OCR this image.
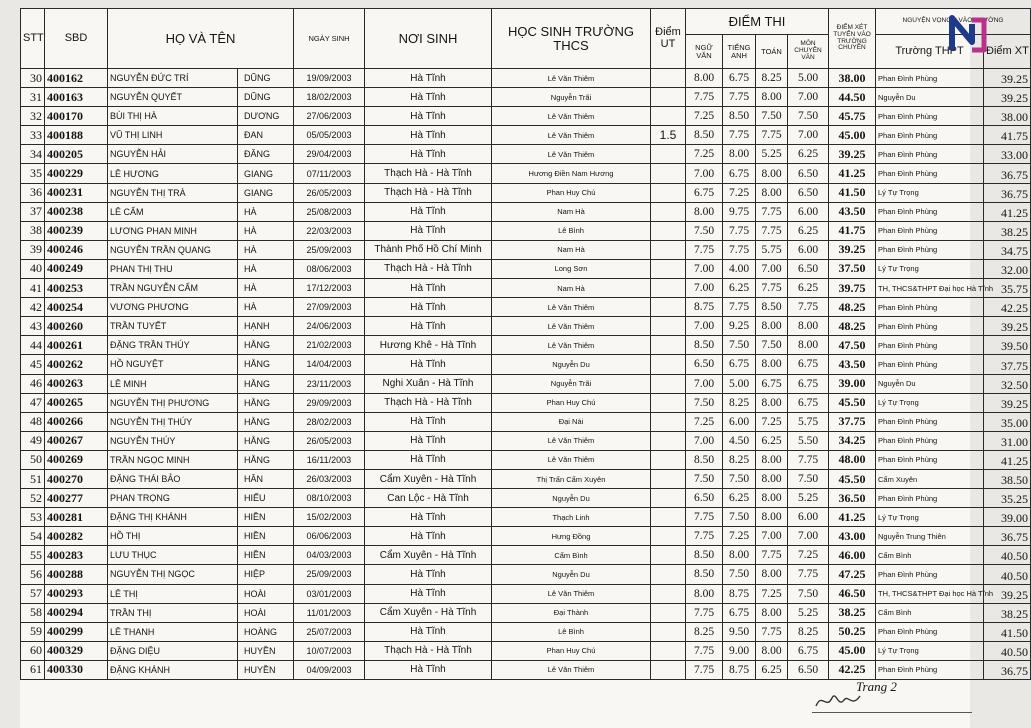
STT	SBD	HỌ VÀ TÊN		NGÀY SINH	NƠI SINH	HỌC SINH TRƯỜNG THCS	Điểm UT	ĐIỂM THI				ĐIỂM XÉT TUYỂN VÀO TRƯỜNG CHUYÊN	NGUYỆN VỌNG 2 VÀO TRƯỜNG	
								NGỮ VĂN	TIẾNG ANH	TOÁN	MÔN CHUYÊN VĂN		Trường THPT	Điểm XT
30	400162	NGUYỄN ĐỨC TRÍ	DŨNG	19/09/2003	Hà Tĩnh	Lê Văn Thiêm		8.00	6.75	8.25	5.00	38.00	Phan Đình Phùng	39.25
31	400163	NGUYỄN QUYẾT	DŨNG	18/02/2003	Hà Tĩnh	Nguyễn Trãi		7.75	7.75	8.00	7.00	44.50	Nguyễn Du	39.25
32	400170	BÙI THỊ HÀ	DƯƠNG	27/06/2003	Hà Tĩnh	Lê Văn Thiêm		7.25	8.50	7.50	7.50	45.75	Phan Đình Phùng	38.00
33	400188	VŨ THỊ LINH	ĐAN	05/05/2003	Hà Tĩnh	Lê Văn Thiêm	1.5	8.50	7.75	7.75	7.00	45.00	Phan Đình Phùng	41.75
34	400205	NGUYỄN HẢI	ĐĂNG	29/04/2003	Hà Tĩnh	Lê Văn Thiêm		7.25	8.00	5.25	6.25	39.25	Phan Đình Phùng	33.00
35	400229	LÊ HƯƠNG	GIANG	07/11/2003	Thạch Hà - Hà Tĩnh	Hương Điền Nam Hương		7.00	6.75	8.00	6.50	41.25	Phan Đình Phùng	36.75
36	400231	NGUYỄN THỊ TRÀ	GIANG	26/05/2003	Thạch Hà - Hà Tĩnh	Phan Huy Chú		6.75	7.25	8.00	6.50	41.50	Lý Tự Trọng	36.75
37	400238	LÊ CẨM	HÀ	25/08/2003	Hà Tĩnh	Nam Hà		8.00	9.75	7.75	6.00	43.50	Phan Đình Phùng	41.25
38	400239	LƯƠNG PHAN MINH	HÀ	22/03/2003	Hà Tĩnh	Lê Bình		7.50	7.75	7.75	6.25	41.75	Phan Đình Phùng	38.25
39	400246	NGUYỄN TRẦN QUANG	HÀ	25/09/2003	Thành Phố Hồ Chí Minh	Nam Hà		7.75	7.75	5.75	6.00	39.25	Phan Đình Phùng	34.75
40	400249	PHAN THỊ THU	HÀ	08/06/2003	Thạch Hà - Hà Tĩnh	Long Sơn		7.00	4.00	7.00	6.50	37.50	Lý Tự Trọng	32.00
41	400253	TRẦN NGUYỄN CẨM	HÀ	17/12/2003	Hà Tĩnh	Nam Hà		7.00	6.25	7.75	6.25	39.75	TH, THCS&THPT Đại học Hà Tĩnh	35.75
42	400254	VƯƠNG PHƯƠNG	HÀ	27/09/2003	Hà Tĩnh	Lê Văn Thiêm		8.75	7.75	8.50	7.75	48.25	Phan Đình Phùng	42.25
43	400260	TRẦN TUYẾT	HẠNH	24/06/2003	Hà Tĩnh	Lê Văn Thiêm		7.00	9.25	8.00	8.00	48.25	Phan Đình Phùng	39.25
44	400261	ĐẶNG TRẦN THÚY	HẰNG	21/02/2003	Hương Khê - Hà Tĩnh	Lê Văn Thiêm		8.50	7.50	7.50	8.00	47.50	Phan Đình Phùng	39.50
45	400262	HỒ NGUYỆT	HẰNG	14/04/2003	Hà Tĩnh	Nguyễn Du		6.50	6.75	8.00	6.75	43.50	Phan Đình Phùng	37.75
46	400263	LÊ MINH	HẰNG	23/11/2003	Nghi Xuân - Hà Tĩnh	Nguyễn Trãi		7.00	5.00	6.75	6.75	39.00	Nguyễn Du	32.50
47	400265	NGUYỄN THỊ PHƯƠNG	HẰNG	29/09/2003	Thạch Hà - Hà Tĩnh	Phan Huy Chú		7.50	8.25	8.00	6.75	45.50	Lý Tự Trọng	39.25
48	400266	NGUYỄN THỊ THÚY	HẰNG	28/02/2003	Hà Tĩnh	Đại Nài		7.25	6.00	7.25	5.75	37.75	Phan Đình Phùng	35.00
49	400267	NGUYỄN THÚY	HẰNG	26/05/2003	Hà Tĩnh	Lê Văn Thiêm		7.00	4.50	6.25	5.50	34.25	Phan Đình Phùng	31.00
50	400269	TRẦN NGỌC MINH	HẰNG	16/11/2003	Hà Tĩnh	Lê Văn Thiêm		8.50	8.25	8.00	7.75	48.00	Phan Đình Phùng	41.25
51	400270	ĐẶNG THÁI BẢO	HÂN	26/03/2003	Cẩm Xuyên - Hà Tĩnh	Thị Trấn Cẩm Xuyên		7.50	7.50	8.00	7.50	45.50	Cẩm Xuyên	38.50
52	400277	PHAN TRỌNG	HIẾU	08/10/2003	Can Lộc - Hà Tĩnh	Nguyễn Du		6.50	6.25	8.00	5.25	36.50	Phan Đình Phùng	35.25
53	400281	ĐẶNG THỊ KHÁNH	HIỀN	15/02/2003	Hà Tĩnh	Thạch Linh		7.75	7.50	8.00	6.00	41.25	Lý Tự Trọng	39.00
54	400282	HỒ THỊ	HIỀN	06/06/2003	Hà Tĩnh	Hưng Đồng		7.75	7.25	7.00	7.00	43.00	Nguyễn Trung Thiên	36.75
55	400283	LƯU THỤC	HIỀN	04/03/2003	Cẩm Xuyên - Hà Tĩnh	Cẩm Bình		8.50	8.00	7.75	7.25	46.00	Cẩm Bình	40.50
56	400288	NGUYỄN THỊ NGỌC	HIỆP	25/09/2003	Hà Tĩnh	Nguyễn Du		8.50	7.50	8.00	7.75	47.25	Phan Đình Phùng	40.50
57	400293	LÊ THỊ	HOÀI	03/01/2003	Hà Tĩnh	Lê Văn Thiêm		8.00	8.75	7.25	7.50	46.50	TH, THCS&THPT Đại học Hà Tĩnh	39.25
58	400294	TRẦN THỊ	HOÀI	11/01/2003	Cẩm Xuyên - Hà Tĩnh	Đại Thành		7.75	6.75	8.00	5.25	38.25	Cẩm Bình	38.25
59	400299	LÊ THANH	HOÀNG	25/07/2003	Hà Tĩnh	Lê Bình		8.25	9.50	7.75	8.25	50.25	Phan Đình Phùng	41.50
60	400329	ĐẶNG DIỆU	HUYỀN	10/07/2003	Thạch Hà - Hà Tĩnh	Phan Huy Chú		7.75	9.00	8.00	6.75	45.00	Lý Tự Trọng	40.50
61	400330	ĐẶNG KHÁNH	HUYỀN	04/09/2003	Hà Tĩnh	Lê Văn Thiêm		7.75	8.75	6.25	6.50	42.25	Phan Đình Phùng	36.75
Trang 2
